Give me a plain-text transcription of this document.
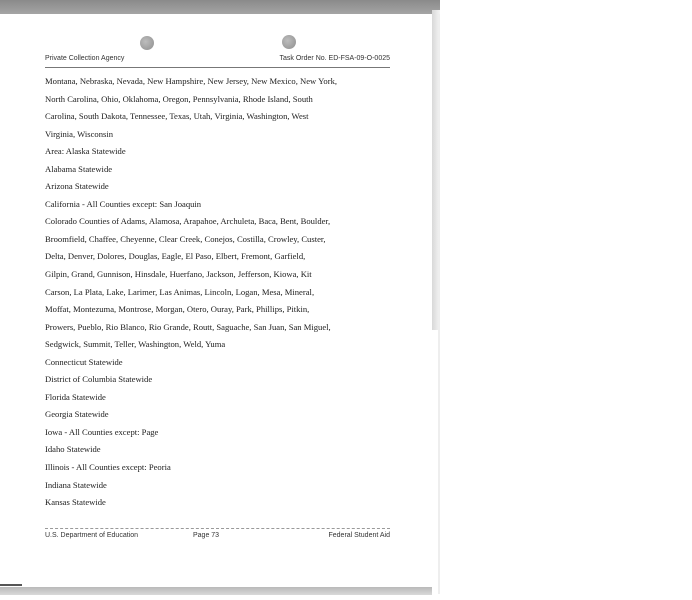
Private Collection Agency	Task Order No. ED-FSA-09-O-0025
Montana, Nebraska, Nevada, New Hampshire, New Jersey, New Mexico, New York,
North Carolina, Ohio, Oklahoma, Oregon, Pennsylvania, Rhode Island, South
Carolina, South Dakota, Tennessee, Texas, Utah, Virginia, Washington, West
Virginia, Wisconsin
Area: Alaska Statewide
Alabama Statewide
Arizona Statewide
California - All Counties except: San Joaquin
Colorado Counties of Adams, Alamosa, Arapahoe, Archuleta, Baca, Bent, Boulder,
Broomfield, Chaffee, Cheyenne, Clear Creek, Conejos, Costilla, Crowley, Custer,
Delta, Denver, Dolores, Douglas, Eagle, El Paso, Elbert, Fremont, Garfield,
Gilpin, Grand, Gunnison, Hinsdale, Huerfano, Jackson, Jefferson, Kiowa, Kit
Carson, La Plata, Lake, Larimer, Las Animas, Lincoln, Logan, Mesa, Mineral,
Moffat, Montezuma, Montrose, Morgan, Otero, Ouray, Park, Phillips, Pitkin,
Prowers, Pueblo, Rio Blanco, Rio Grande, Routt, Saguache, San Juan, San Miguel,
Sedgwick, Summit, Teller, Washington, Weld, Yuma
Connecticut Statewide
District of Columbia Statewide
Florida Statewide
Georgia Statewide
Iowa - All Counties except: Page
Idaho Statewide
Illinois - All Counties except: Peoria
Indiana Statewide
Kansas Statewide
U.S. Department of Education	Page 73	Federal Student Aid
